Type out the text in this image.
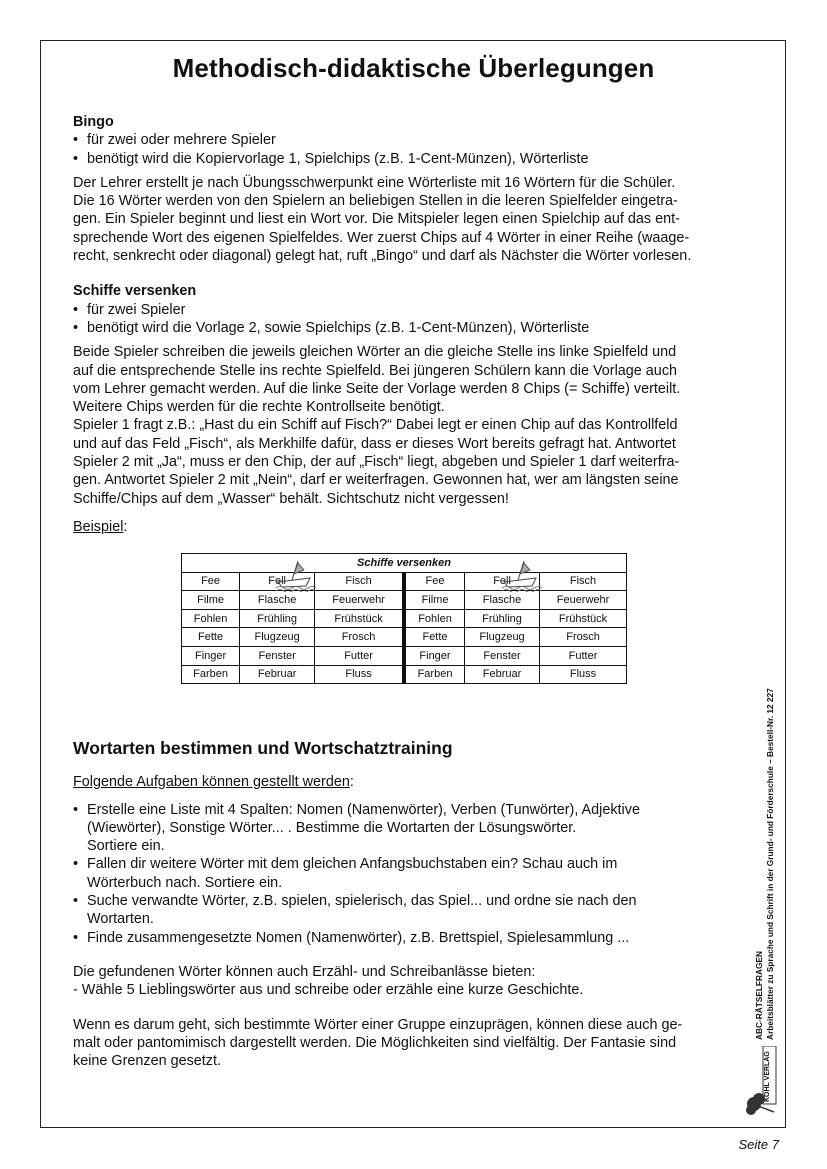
Methodisch-didaktische Überlegungen
Bingo
• für zwei oder mehrere Spieler
• benötigt wird die Kopiervorlage 1, Spielchips (z.B. 1-Cent-Münzen), Wörterliste
Der Lehrer erstellt je nach Übungsschwerpunkt eine Wörterliste mit 16 Wörtern für die Schüler.
Die 16 Wörter werden von den Spielern an beliebigen Stellen in die leeren Spielfelder eingetra-
gen. Ein Spieler beginnt und liest ein Wort vor. Die Mitspieler legen einen Spielchip auf das ent-
sprechende Wort des eigenen Spielfeldes. Wer zuerst Chips auf 4 Wörter in einer Reihe (waage-
recht, senkrecht oder diagonal) gelegt hat, ruft „Bingo“ und darf als Nächster die Wörter vorlesen.
Schiffe versenken
• für zwei Spieler
• benötigt wird die Vorlage 2, sowie Spielchips (z.B. 1-Cent-Münzen), Wörterliste
Beide Spieler schreiben die jeweils gleichen Wörter an die gleiche Stelle ins linke Spielfeld und
auf die entsprechende Stelle ins rechte Spielfeld. Bei jüngeren Schülern kann die Vorlage auch
vom Lehrer gemacht werden. Auf die linke Seite der Vorlage werden 8 Chips (= Schiffe) verteilt.
Weitere Chips werden für die rechte Kontrollseite benötigt.
Spieler 1 fragt z.B.: „Hast du ein Schiff auf Fisch?“ Dabei legt er einen Chip auf das Kontrollfeld
und auf das Feld „Fisch“, als Merkhilfe dafür, dass er dieses Wort bereits gefragt hat. Antwortet
Spieler 2 mit „Ja“, muss er den Chip, der auf „Fisch“ liegt, abgeben und Spieler 1 darf weiterfra-
gen. Antwortet Spieler 2 mit „Nein“, darf er weiterfragen. Gewonnen hat, wer am längsten seine
Schiffe/Chips auf dem „Wasser“ behält. Sichtschutz nicht vergessen!
Beispiel:
Schiffe versenken					

Fee	Fell	Fisch	Fee	Fell	Fisch
Filme	Flasche	Feuerwehr	Filme	Flasche	Feuerwehr
Fohlen	Frühling	Frühstück	Fohlen	Frühling	Frühstück
Fette	Flugzeug	Frosch	Fette	Flugzeug	Frosch
Finger	Fenster	Futter	Finger	Fenster	Futter
Farben	Februar	Fluss	Farben	Februar	Fluss
Wortarten bestimmen und Wortschatztraining
Folgende Aufgaben können gestellt werden:
• Erstelle eine Liste mit 4 Spalten: Nomen (Namenwörter), Verben (Tunwörter), Adjektive
(Wiewörter), Sonstige Wörter... . Bestimme die Wortarten der Lösungswörter.
Sortiere ein.
• Fallen dir weitere Wörter mit dem gleichen Anfangsbuchstaben ein? Schau auch im
Wörterbuch nach. Sortiere ein.
• Suche verwandte Wörter, z.B. spielen, spielerisch, das Spiel... und ordne sie nach den
Wortarten.
• Finde zusammengesetzte Nomen (Namenwörter), z.B. Brettspiel, Spielesammlung ...
Die gefundenen Wörter können auch Erzähl- und Schreibanlässe bieten:
- Wähle 5 Lieblingswörter aus und schreibe oder erzähle eine kurze Geschichte.
Wenn es darum geht, sich bestimmte Wörter einer Gruppe einzuprägen, können diese auch ge-
malt oder pantomimisch dargestellt werden. Die Möglichkeiten sind vielfältig. Der Fantasie sind
keine Grenzen gesetzt.
ABC-RÄTSELFRAGEN Arbeitsblätter zu Sprache und Schrift in der Grund- und Förderschule – Bestell-Nr. 12 227
KOHL VERLAG
Seite 7
